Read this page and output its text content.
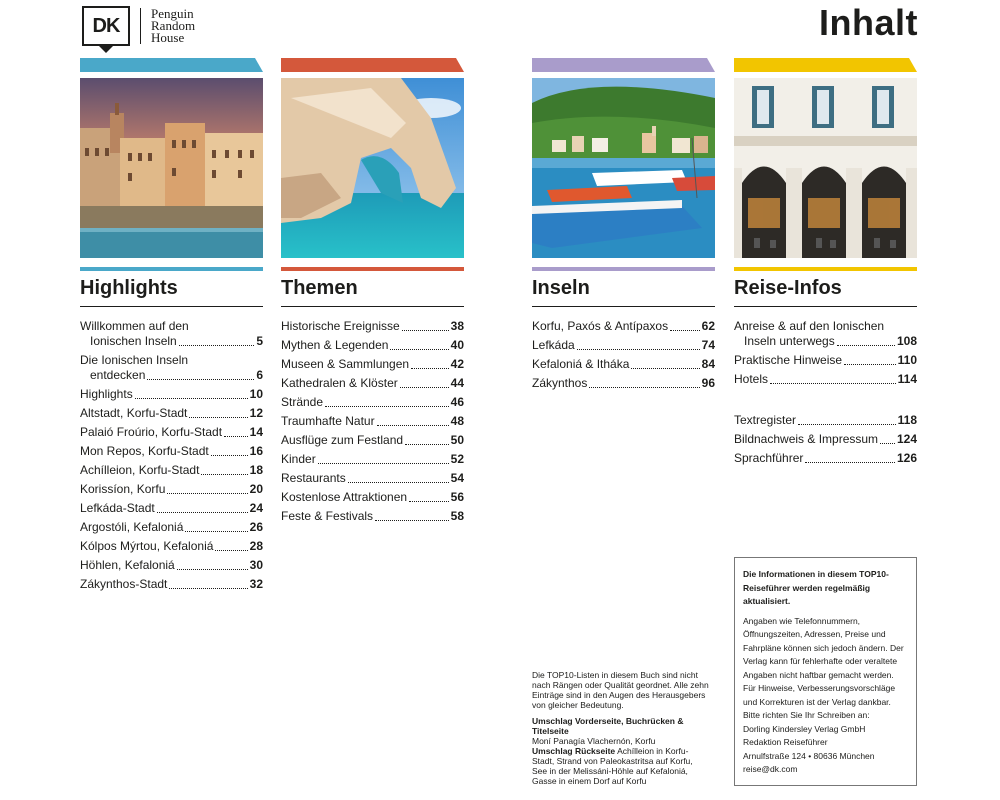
DK
Penguin
Random
House	Inhalt
Highlights
Willkommen auf den
Ionischen Inseln	5
Die Ionischen Inseln
entdecken	6
Highlights	10
Altstadt, Korfu-Stadt	12
Palaió Froúrio, Korfu-Stadt 14
Mon Repos, Korfu-Stadt	16
Achílleion, Korfu-Stadt	18
Korissíon, Korfu	20
Lefkáda-Stadt	24
Argostóli, Kefaloniá	26
Kólpos Mýrtou, Kefaloniá	28
Höhlen, Kefaloniá	30
Zákynthos-Stadt	32
Themen
Historische Ereignisse	38
Mythen & Legenden	40
Museen & Sammlungen	42
Kathedralen & Klöster	44
Strände	46
Traumhafte Natur	48
Ausflüge zum Festland	50
Kinder	52
Restaurants	54
Kostenlose Attraktionen	56
Feste & Festivals	58
Inseln
Korfu, Paxós & Antípaxos	62
Lefkáda	74
Kefaloniá & Itháka	84
Zákynthos	96
Reise-Infos
Anreise & auf den Ionischen
Inseln unterwegs	108
Praktische Hinweise	110
Hotels	114
Textregister	118
Bildnachweis & Impressum 124
Sprachführer	126

Die TOP10-Listen in diesem Buch sind nicht nach Rängen oder Qualität geordnet. Alle zehn Einträge sind in den Augen des Herausgebers von gleicher Bedeutung.

Umschlag Vorderseite, Buchrücken & Titelseite
Moní Panagía Vlachernón, Korfu
Umschlag Rückseite Achílleion in Korfu-Stadt, Strand von Paleokastritsa auf Korfu, See in der Melissáni-Höhle auf Kefaloniá, Gasse in einem Dorf auf Korfu
Die Informationen in diesem TOP10-Reiseführer werden regelmäßig aktualisiert.
Angaben wie Telefonnummern, Öffnungszeiten, Adressen, Preise und Fahrpläne können sich jedoch ändern. Der Verlag kann für fehlerhafte oder veraltete Angaben nicht haftbar gemacht werden. Für Hinweise, Verbesserungsvorschläge und Korrekturen ist der Verlag dankbar. Bitte richten Sie Ihr Schreiben an:
Dorling Kindersley Verlag GmbH
Redaktion Reiseführer
Arnulfstraße 124 • 80636 München
reise@dk.com
